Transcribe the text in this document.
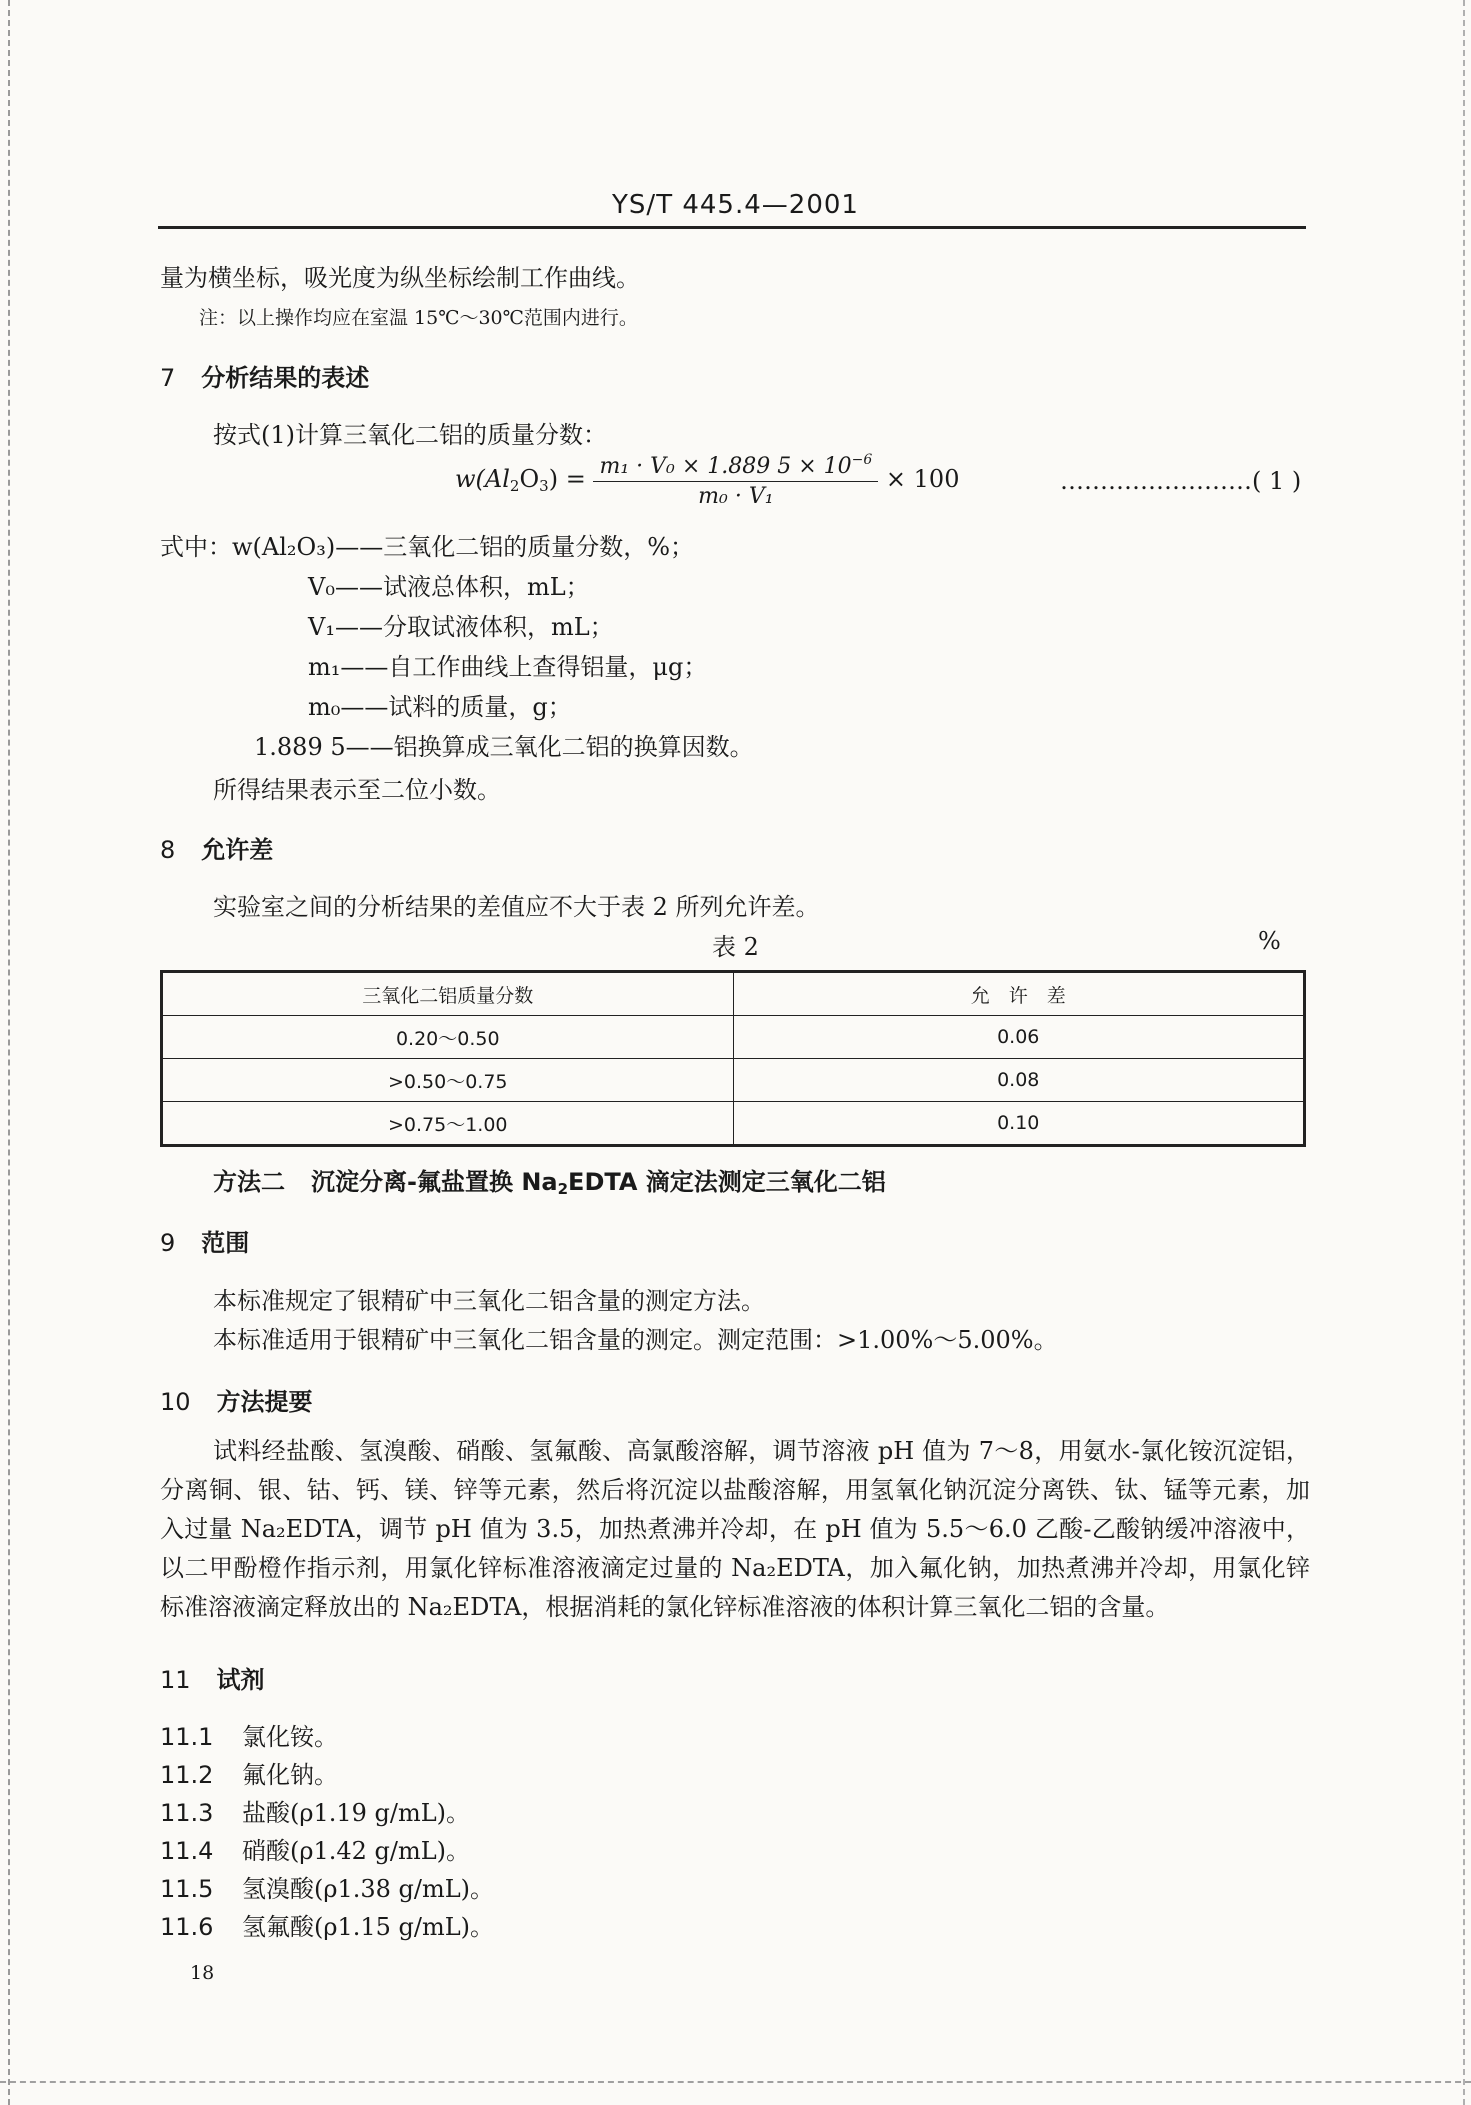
YS/T 445.4—2001
量为横坐标，吸光度为纵坐标绘制工作曲线。
注：以上操作均应在室温 15℃～30℃范围内进行。
7 分析结果的表述
按式(1)计算三氧化二铝的质量分数：
$w(Al_2O_3) = \frac{m_1 \cdot V_0 \times 1.889 5 \times 10^{-6}}{\text{m₀ · V₁}} \times 100$	……………………( 1 )
式中： w(Al₂O₃)——三氧化二铝的质量分数，%；
V₀——试液总体积，mL；
V₁——分取试液体积，mL；
m₁——自工作曲线上查得铝量，μg；
m₀——试料的质量，g；
1.889 5——铝换算成三氧化二铝的换算因数。
所得结果表示至二位小数。
8 允许差
实验室之间的分析结果的差值应不大于表 2 所列允许差。
表 2	%
三氧化二铝质量分数	允　许　差
0.20～0.50	0.06
>0.50～0.75	0.08
>0.75～1.00	0.10
方法二 沉淀分离-氟盐置换 $Na_2EDTA$ 滴定法测定三氧化二铝
9 范围
本标准规定了银精矿中三氧化二铝含量的测定方法。
本标准适用于银精矿中三氧化二铝含量的测定。测定范围：>1.00%～5.00%。
10 方法提要
试料经盐酸、氢溴酸、硝酸、氢氟酸、高氯酸溶解，调节溶液 pH 值为 7～8，用氨水-氯化铵沉淀铝，分离铜、银、钴、钙、镁、锌等元素，然后将沉淀以盐酸溶解，用氢氧化钠沉淀分离铁、钛、锰等元素，加入过量 Na₂EDTA，调节 pH 值为 3.5，加热煮沸并冷却，在 pH 值为 5.5～6.0 乙酸-乙酸钠缓冲溶液中，以二甲酚橙作指示剂，用氯化锌标准溶液滴定过量的 Na₂EDTA，加入氟化钠，加热煮沸并冷却，用氯化锌标准溶液滴定释放出的 Na₂EDTA，根据消耗的氯化锌标准溶液的体积计算三氧化二铝的含量。
11 试剂
11.1 氯化铵。
11.2 氟化钠。
11.3 盐酸(ρ1.19 g/mL)。
11.4 硝酸(ρ1.42 g/mL)。
11.5 氢溴酸(ρ1.38 g/mL)。
11.6 氢氟酸(ρ1.15 g/mL)。
18
